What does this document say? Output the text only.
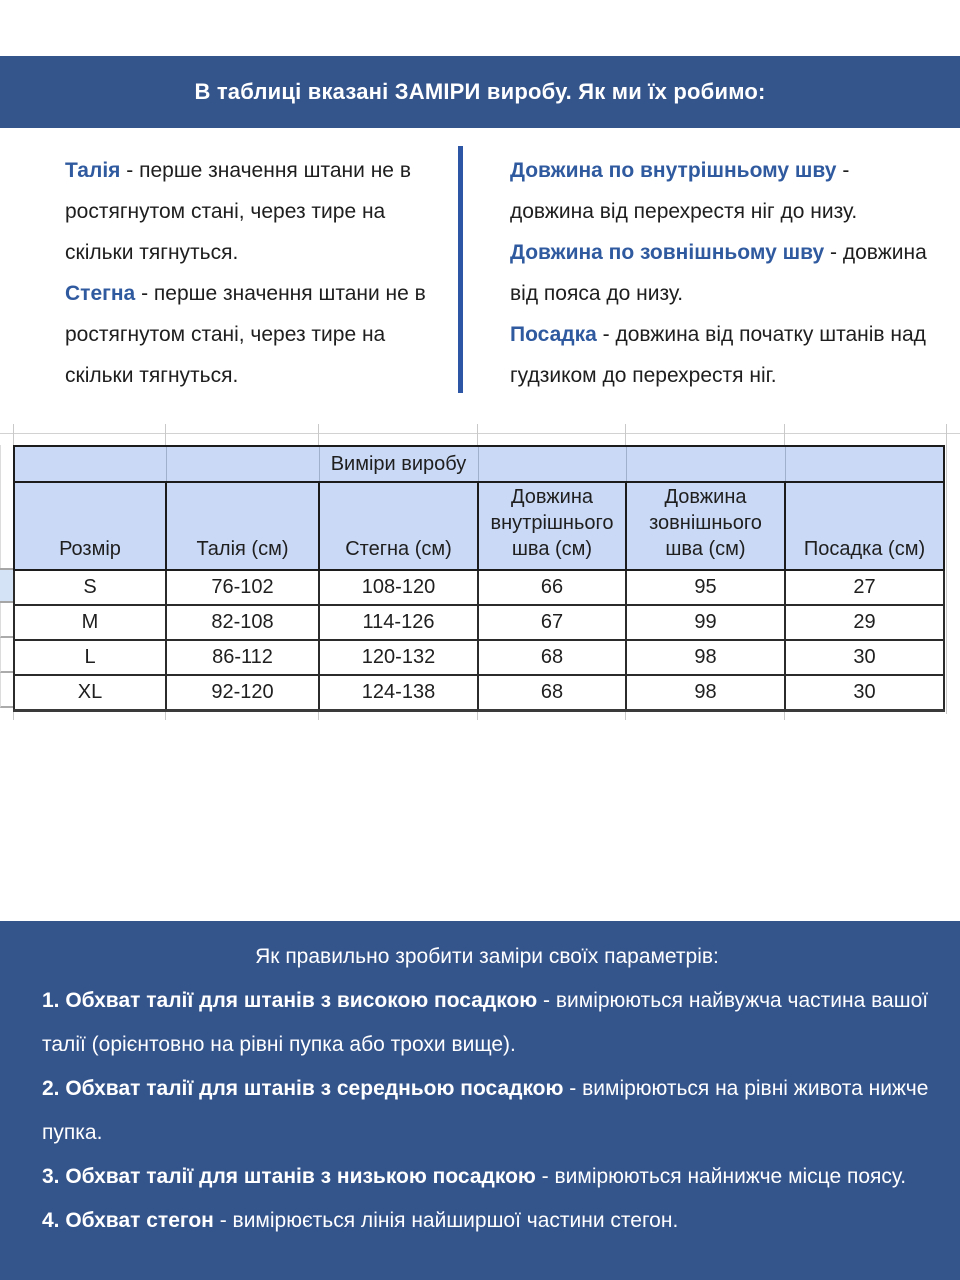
В таблиці вказані ЗАМІРИ виробу. Як ми їх робимо:

Талія - перше значення штани не в ростягнутом стані, через тире на скільки тягнуться.

Стегна - перше значення штани не в ростягнутом стані, через тире на скільки тягнуться.

Довжина по внутрішньому шву - довжина від перехрестя ніг до низу.

Довжина по зовнішньому шву - довжина від пояса до низу.

Посадка - довжина від початку штанів над гудзиком до перехрестя ніг.

		Виміри виробу			
Розмір	Талія (см)	Стегна (см)	Довжина внутрішнього шва (см)	Довжина зовнішнього шва (см)	Посадка (см)
S	76-102	108-120	66	95	27
M	82-108	114-126	67	99	29
L	86-112	120-132	68	98	30
XL	92-120	124-138	68	98	30

Як правильно зробити заміри своїх параметрів:

1. Обхват талії для штанів з високою посадкою - вимірюються найвужча частина вашої талії (орієнтовно на рівні пупка або трохи вище).

2. Обхват талії для штанів з середньою посадкою - вимірюються на рівні живота нижче пупка.

3. Обхват талії для штанів з низькою посадкою - вимірюються найнижче місце поясу.

4. Обхват стегон - вимірюється лінія найширшої частини стегон.
